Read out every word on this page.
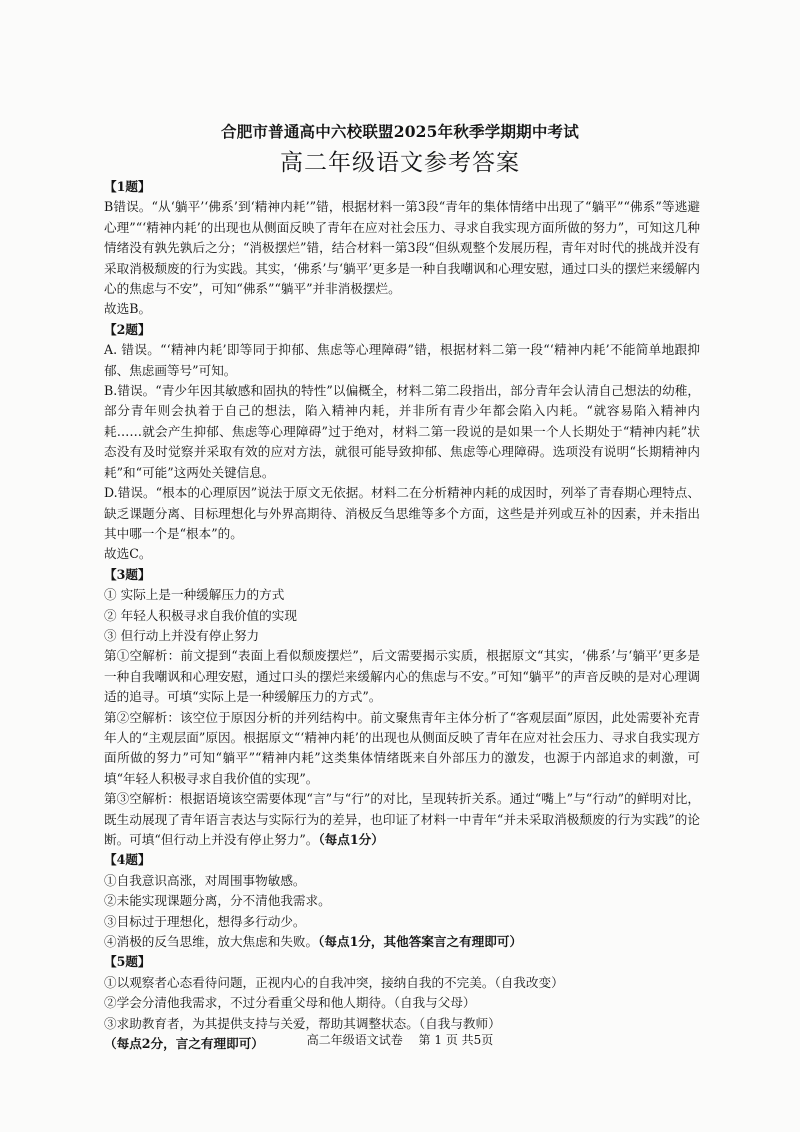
合肥市普通高中六校联盟2025年秋季学期期中考试
高二年级语文参考答案

【1题】

B错误。“从‘躺平’‘佛系’到‘精神内耗’”错，根据材料一第3段“青年的集体情绪中出现了“躺平”“佛系”等逃避心理”“‘精神内耗’的出现也从侧面反映了青年在应对社会压力、寻求自我实现方面所做的努力”，可知这几种情绪没有孰先孰后之分；“消极摆烂”错，结合材料一第3段“但纵观整个发展历程，青年对时代的挑战并没有采取消极颓废的行为实践。其实，‘佛系’与‘躺平’更多是一种自我嘲讽和心理安慰，通过口头的摆烂来缓解内心的焦虑与不安”，可知“佛系”“躺平”并非消极摆烂。

故选B。

【2题】

A. 错误。“‘精神内耗’即等同于抑郁、焦虑等心理障碍”错，根据材料二第一段“‘精神内耗’不能简单地跟抑郁、焦虑画等号”可知。

B.错误。“青少年因其敏感和固执的特性”以偏概全，材料二第二段指出，部分青年会认清自己想法的幼稚，部分青年则会执着于自己的想法，陷入精神内耗，并非所有青少年都会陷入内耗。“就容易陷入精神内耗……就会产生抑郁、焦虑等心理障碍”过于绝对，材料二第一段说的是如果一个人长期处于“精神内耗”状态没有及时觉察并采取有效的应对方法，就很可能导致抑郁、焦虑等心理障碍。选项没有说明“长期精神内耗”和“可能”这两处关键信息。

D.错误。“根本的心理原因”说法于原文无依据。材料二在分析精神内耗的成因时，列举了青春期心理特点、缺乏课题分离、目标理想化与外界高期待、消极反刍思维等多个方面，这些是并列或互补的因素，并未指出其中哪一个是“根本”的。

故选C。

【3题】

① 实际上是一种缓解压力的方式

② 年轻人积极寻求自我价值的实现

③ 但行动上并没有停止努力

第①空解析：前文提到“表面上看似颓废摆烂”，后文需要揭示实质，根据原文“其实，‘佛系’与‘躺平’更多是一种自我嘲讽和心理安慰，通过口头的摆烂来缓解内心的焦虑与不安。”可知“躺平”的声音反映的是对心理调适的追寻。可填“实际上是一种缓解压力的方式”。

第②空解析：该空位于原因分析的并列结构中。前文聚焦青年主体分析了“客观层面”原因，此处需要补充青年人的“主观层面”原因。根据原文“‘精神内耗’的出现也从侧面反映了青年在应对社会压力、寻求自我实现方面所做的努力”可知“躺平”“精神内耗”这类集体情绪既来自外部压力的激发，也源于内部追求的刺激，可填“年轻人积极寻求自我价值的实现”。

第③空解析：根据语境该空需要体现“言”与“行”的对比，呈现转折关系。通过“嘴上”与“行动”的鲜明对比，既生动展现了青年语言表达与实际行为的差异，也印证了材料一中青年“并未采取消极颓废的行为实践”的论断。可填“但行动上并没有停止努力”。（每点1分）

【4题】

①自我意识高涨，对周围事物敏感。

②未能实现课题分离，分不清他我需求。

③目标过于理想化，想得多行动少。

④消极的反刍思维，放大焦虑和失败。（每点1分，其他答案言之有理即可）

【5题】

①以观察者心态看待问题，正视内心的自我冲突，接纳自我的不完美。（自我改变）

②学会分清他我需求，不过分看重父母和他人期待。（自我与父母）

③求助教育者，为其提供支持与关爱，帮助其调整状态。（自我与教师）

（每点2分，言之有理即可）	高二年级语文试卷　 第 1 页 共5页
